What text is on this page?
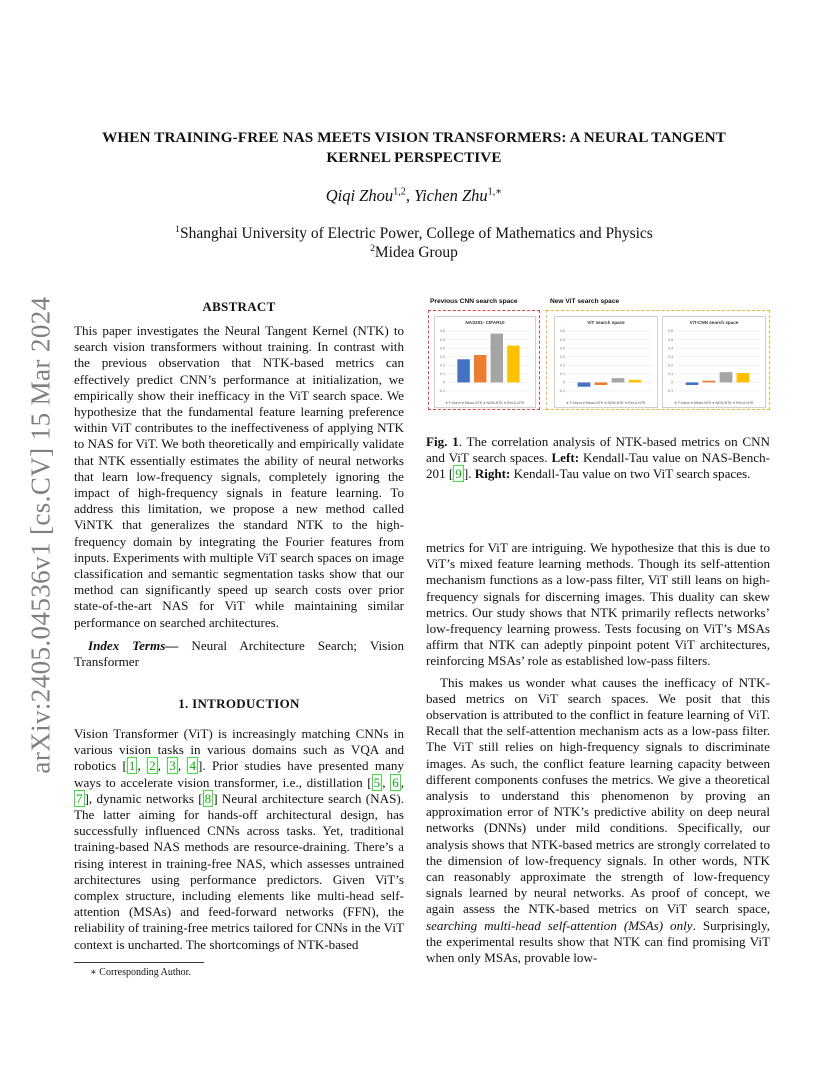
arXiv:2405.04536v1 [cs.CV] 15 Mar 2024
WHEN TRAINING-FREE NAS MEETS VISION TRANSFORMERS: A NEURAL TANGENT
KERNEL PERSPECTIVE
Qiqi Zhou$^{1,2}$, Yichen Zhu$^{1,∗}$
$^1$Shanghai University of Electric Power, College of Mathematics and Physics
$^2$Midea Group
ABSTRACT

This paper investigates the Neural Tangent Kernel (NTK) to search vision transformers without training. In contrast with the previous observation that NTK-based metrics can effectively predict CNN’s performance at initialization, we empirically show their inefficacy in the ViT search space. We hypothesize that the fundamental feature learning preference within ViT contributes to the ineffectiveness of applying NTK to NAS for ViT. We both theoretically and empirically validate that NTK essentially estimates the ability of neural networks that learn low-frequency signals, completely ignoring the impact of high-frequency signals in feature learning. To address this limitation, we propose a new method called ViNTK that generalizes the standard NTK to the high-frequency domain by integrating the Fourier features from inputs. Experiments with multiple ViT search spaces on image classification and semantic segmentation tasks show that our method can significantly speed up search costs over prior state-of-the-art NAS for ViT while maintaining similar performance on searched architectures.

Index Terms— Neural Architecture Search; Vision Transformer

1. INTRODUCTION

Vision Transformer (ViT) is increasingly matching CNNs in various vision tasks in various domains such as VQA and robotics [ 1 , 2 , 3 , 4 ]. Prior studies have presented many ways to accelerate vision transformer, i.e., distillation [ 5 , 6 , 7 ], dynamic networks [ 8 ] Neural architecture search (NAS). The latter aiming for hands-off architectural design, has successfully influenced CNNs across tasks. Yet, traditional training-based NAS methods are resource-draining. There’s a rising interest in training-free NAS, which assesses untrained architectures using performance predictors. Given ViT’s complex structure, including elements like multi-head self-attention (MSAs) and feed-forward networks (FFN), the reliability of training-free metrics tailored for CNNs in the ViT context is uncharted. The shortcomings of NTK-based

∗ Corresponding Author.
Previous CNN search space	New ViT search space
NAS201- CIFAR10
0.6
0.5
0.4
0.3
0.2
0.1
0
-0.1
● F-Norm ● Mean-NTK ● NGN-NTK ● ReLU-NTK
ViT search space
0.6
0.5
0.4
0.3
0.2
0.1
0
-0.1
● F-Norm ● Mean-NTK ● NGN-NTK ● ReLU-NTK
ViT-CNN search space
0.6
0.5
0.4
0.3
0.2
0.1
0
-0.1
● F-Norm ● Mean-NTK ● NGN-NTK ● ReLU-NTK
Fig. 1. The correlation analysis of NTK-based metrics on CNN and ViT search spaces. Left: Kendall-Tau value on NAS-Bench-201 [ 9 ]. Right: Kendall-Tau value on two ViT search spaces.

metrics for ViT are intriguing. We hypothesize that this is due to ViT’s mixed feature learning methods. Though its self-attention mechanism functions as a low-pass filter, ViT still leans on high-frequency signals for discerning images. This duality can skew metrics. Our study shows that NTK primarily reflects networks’ low-frequency learning prowess. Tests focusing on ViT’s MSAs affirm that NTK can adeptly pinpoint potent ViT architectures, reinforcing MSAs’ role as established low-pass filters.

This makes us wonder what causes the inefficacy of NTK-based metrics on ViT search spaces. We posit that this observation is attributed to the conflict in feature learning of ViT. Recall that the self-attention mechanism acts as a low-pass filter. The ViT still relies on high-frequency signals to discriminate images. As such, the conflict feature learning capacity between different components confuses the metrics. We give a theoretical analysis to understand this phenomenon by proving an approximation error of NTK’s predictive ability on deep neural networks (DNNs) under mild conditions. Specifically, our analysis shows that NTK-based metrics are strongly correlated to the dimension of low-frequency signals. In other words, NTK can reasonably approximate the strength of low-frequency signals learned by neural networks. As proof of concept, we again assess the NTK-based metrics on ViT search space, searching multi-head self-attention (MSAs) only. Surprisingly, the experimental results show that NTK can find promising ViT when only MSAs, provable low-
